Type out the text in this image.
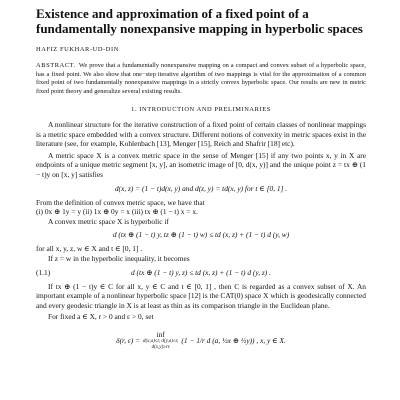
Existence and approximation of a fixed point of a fundamentally nonexpansive mapping in hyperbolic spaces
HAFIZ FUKHAR-UD-DIN
ABSTRACT. We prove that a fundamentally nonexpansive mapping on a compact and convex subset of a hyperbolic space, has a fixed point. We also show that one−step iterative algorithm of two mappings is vital for the approximation of a common fixed point of two fundamentally nonexpansive mappings in a strictly convex hyperbolic space. Our results are new in metric fixed point theory and generalize several existing results.
1. INTRODUCTION AND PRELIMINARIES

A nonlinear structure for the iterative construction of a fixed point of certain classes of nonlinear mappings is a metric space embedded with a convex structure. Different notions of convexity in metric spaces exist in the literature (see, for example, Kohlenbach [13], Menger [15], Reich and Shafrir [18] etc).

A metric space X is a convex metric space in the sense of Menger [15] if any two points x, y in X are endpoints of a unique metric segment [x, y], an isometric image of [0, d(x, y)] and the unique point z = tx ⊕ (1 − t)y on [x, y] satisfies

d(x, z) = (1 − t)d(x, y) and d(z, y) = td(x, y) for t ∈ [0, 1] .

From the definition of convex metric space, we have that

(i) 0x ⊕ 1y = y (ii) 1x ⊕ 0y = x (iii) tx ⊕ (1 − t) x = x.

A convex metric space X is hyperbolic if

d (tx ⊕ (1 − t) y, tz ⊕ (1 − t) w) ≤ td (x, z) + (1 − t) d (y, w)

for all x, y, z, w ∈ X and t ∈ [0, 1] .

If z = w in the hyperbolic inequality, it becomes

(1.1)	d (tx ⊕ (1 − t) y, z) ≤ td (x, z) + (1 − t) d (y, z) .

If tx ⊕ (1 − t)y ∈ C for all x, y ∈ C and t ∈ [0, 1] , then C is regarded as a convex subset of X. An important example of a nonlinear hyperbolic space [12] is the CAT(0) space X which is geodesically connected and every geodesic triangle in X is at least as thin as its comparison triangle in the Euclidean plane.

For fixed a ∈ X, r > 0 and ε > 0, set

δ(r, ε) =
inf
d(x,a)≤r, d(y,a)≤r,
d(x,y)≥rε
(1 − 1/r d (a, ½x ⊕ ½y)) , x, y ∈ X.
